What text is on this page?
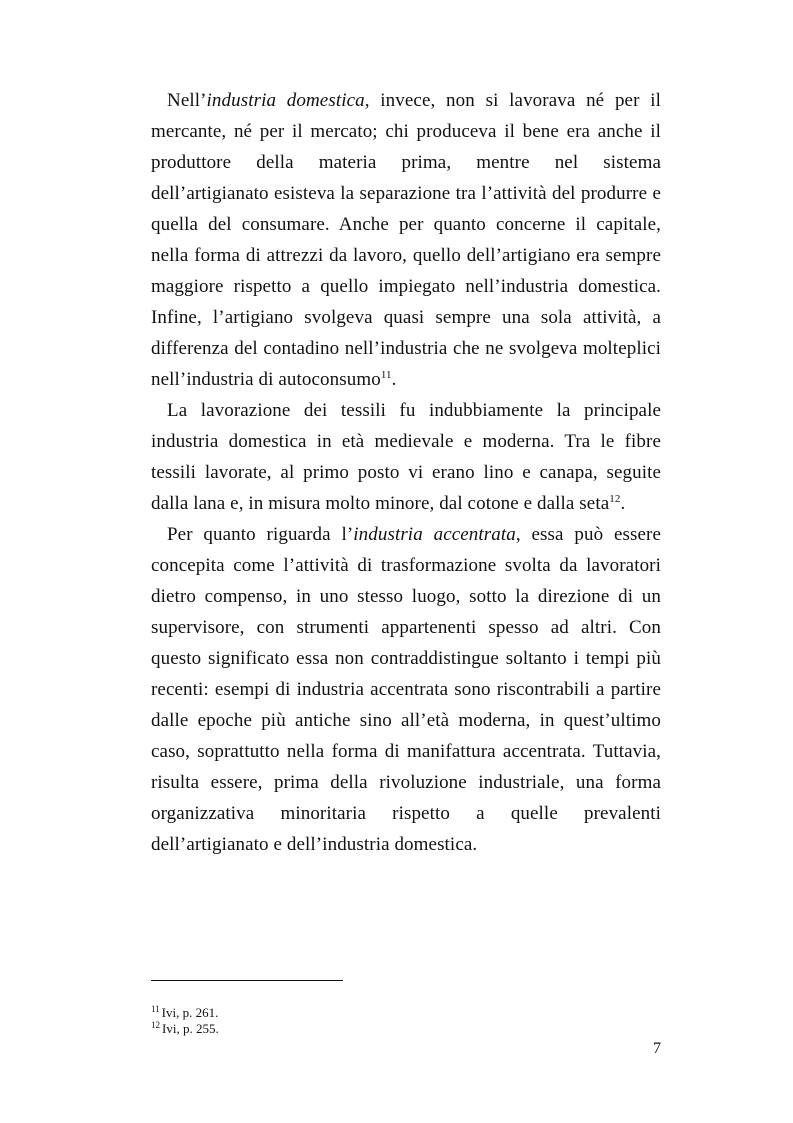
Nell’industria domestica, invece, non si lavorava né per il mercante, né per il mercato; chi produceva il bene era anche il produttore della materia prima, mentre nel sistema dell’artigianato esisteva la separazione tra l’attività del produrre e quella del consumare. Anche per quanto concerne il capitale, nella forma di attrezzi da lavoro, quello dell’artigiano era sempre maggiore rispetto a quello impiegato nell’industria domestica. Infine, l’artigiano svolgeva quasi sempre una sola attività, a differenza del contadino nell’industria che ne svolgeva molteplici nell’industria di autoconsumo$^{11}$.

La lavorazione dei tessili fu indubbiamente la principale industria domestica in età medievale e moderna. Tra le fibre tessili lavorate, al primo posto vi erano lino e canapa, seguite dalla lana e, in misura molto minore, dal cotone e dalla seta$^{12}$.

Per quanto riguarda l’industria accentrata, essa può essere concepita come l’attività di trasformazione svolta da lavoratori dietro compenso, in uno stesso luogo, sotto la direzione di un supervisore, con strumenti appartenenti spesso ad altri. Con questo significato essa non contraddistingue soltanto i tempi più recenti: esempi di industria accentrata sono riscontrabili a partire dalle epoche più antiche sino all’età moderna, in quest’ultimo caso, soprattutto nella forma di manifattura accentrata. Tuttavia, risulta essere, prima della rivoluzione industriale, una forma organizzativa minoritaria rispetto a quelle prevalenti dell’artigianato e dell’industria domestica.

$^{11}$ Ivi, p. 261.

$^{12}$ Ivi, p. 255.

7
